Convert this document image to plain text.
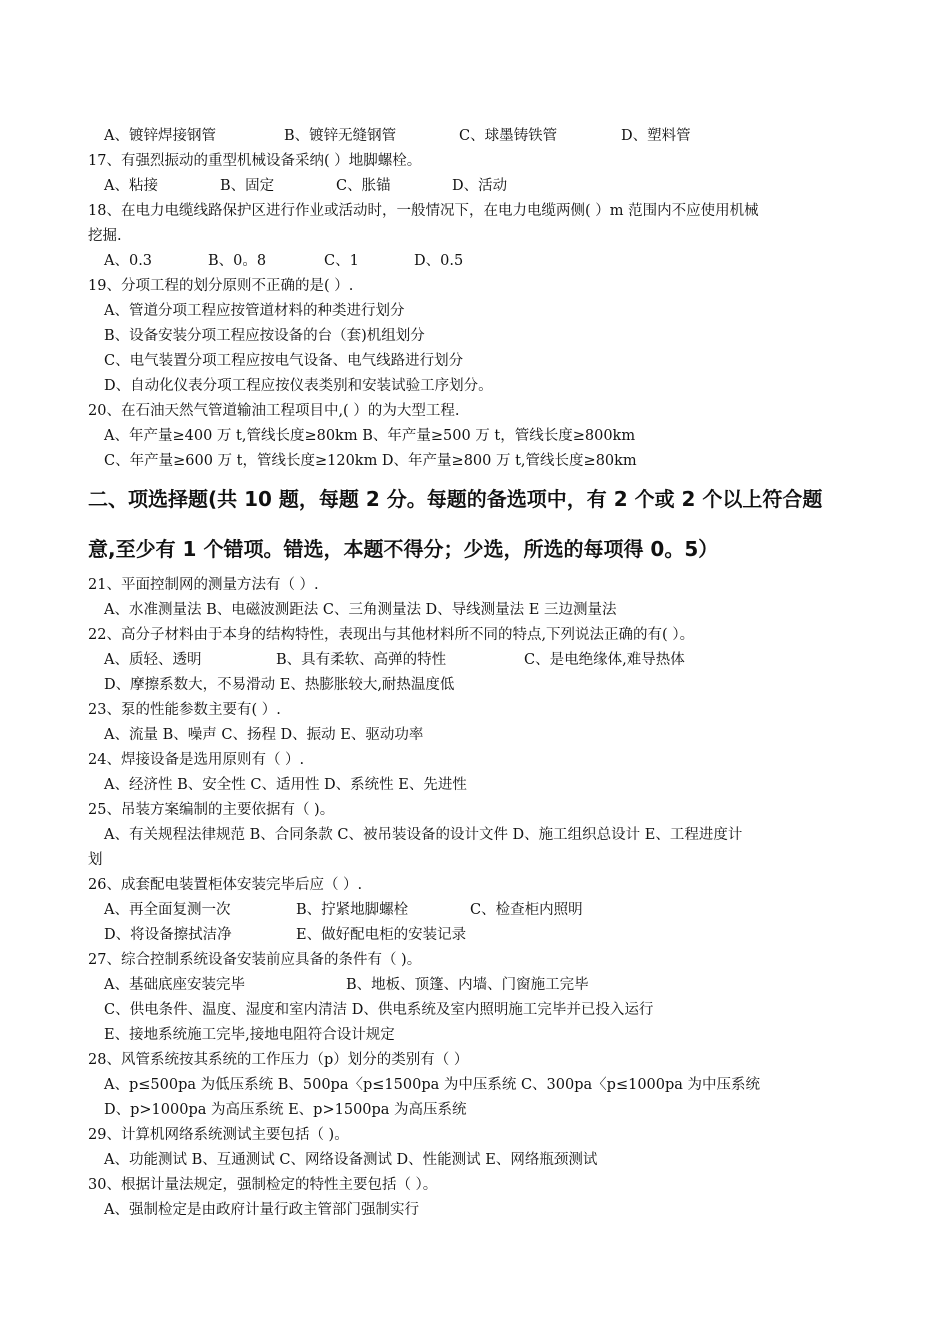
A、镀锌焊接钢管	B、镀锌无缝钢管	C、球墨铸铁管	D、塑料管
17、有强烈振动的重型机械设备采纳( ）地脚螺栓。
A、粘接	B、固定	C、胀锚	D、活动
18、在电力电缆线路保护区进行作业或活动时，一般情况下，在电力电缆两侧( ）m 范围内不应使用机械
挖掘.
A、0.3	B、0。8	C、1	D、0.5
19、分项工程的划分原则不正确的是( ）.
A、管道分项工程应按管道材料的种类进行划分
B、设备安装分项工程应按设备的台（套)机组划分
C、电气装置分项工程应按电气设备、电气线路进行划分
D、自动化仪表分项工程应按仪表类别和安装试验工序划分。
20、在石油天然气管道输油工程项目中,( ）的为大型工程.
A、年产量≥400 万 t,管线长度≥80km B、年产量≥500 万 t，管线长度≥800km
C、年产量≥600 万 t，管线长度≥120km D、年产量≥800 万 t,管线长度≥80km
二、项选择题(共 10 题，每题 2 分。每题的备选项中，有 2 个或 2 个以上符合题
意,至少有 1 个错项。错选，本题不得分；少选，所选的每项得 0。5）
21、平面控制网的测量方法有（ ）.
A、水准测量法 B、电磁波测距法 C、三角测量法 D、导线测量法 E 三边测量法
22、高分子材料由于本身的结构特性，表现出与其他材料所不同的特点,下列说法正确的有( ）。
A、质轻、透明	B、具有柔软、高弹的特性	C、是电绝缘体,难导热体
D、摩擦系数大，不易滑动 E、热膨胀较大,耐热温度低
23、泵的性能参数主要有( ）.
A、流量 B、噪声 C、扬程 D、振动 E、驱动功率
24、焊接设备是选用原则有（ ）.
A、经济性 B、安全性 C、适用性 D、系统性 E、先进性
25、吊装方案编制的主要依据有（ )。
A、有关规程法律规范 B、合同条款 C、被吊装设备的设计文件 D、施工组织总设计 E、工程进度计
划
26、成套配电装置柜体安装完毕后应（ ）.
A、再全面复测一次	B、拧紧地脚螺栓	C、检查柜内照明
D、将设备擦拭洁净	E、做好配电柜的安装记录
27、综合控制系统设备安装前应具备的条件有（ )。
A、基础底座安装完毕	B、地板、顶篷、内墙、门窗施工完毕
C、供电条件、温度、湿度和室内清洁 D、供电系统及室内照明施工完毕并已投入运行
E、接地系统施工完毕,接地电阻符合设计规定
28、风管系统按其系统的工作压力（p）划分的类别有（ ）
A、p≤500pa 为低压系统 B、500pa〈p≤1500pa 为中压系统 C、300pa〈p≤1000pa 为中压系统
D、p>1000pa 为高压系统 E、p>1500pa 为高压系统
29、计算机网络系统测试主要包括（ )。
A、功能测试 B、互通测试 C、网络设备测试 D、性能测试 E、网络瓶颈测试
30、根据计量法规定，强制检定的特性主要包括（ ）。
A、强制检定是由政府计量行政主管部门强制实行
